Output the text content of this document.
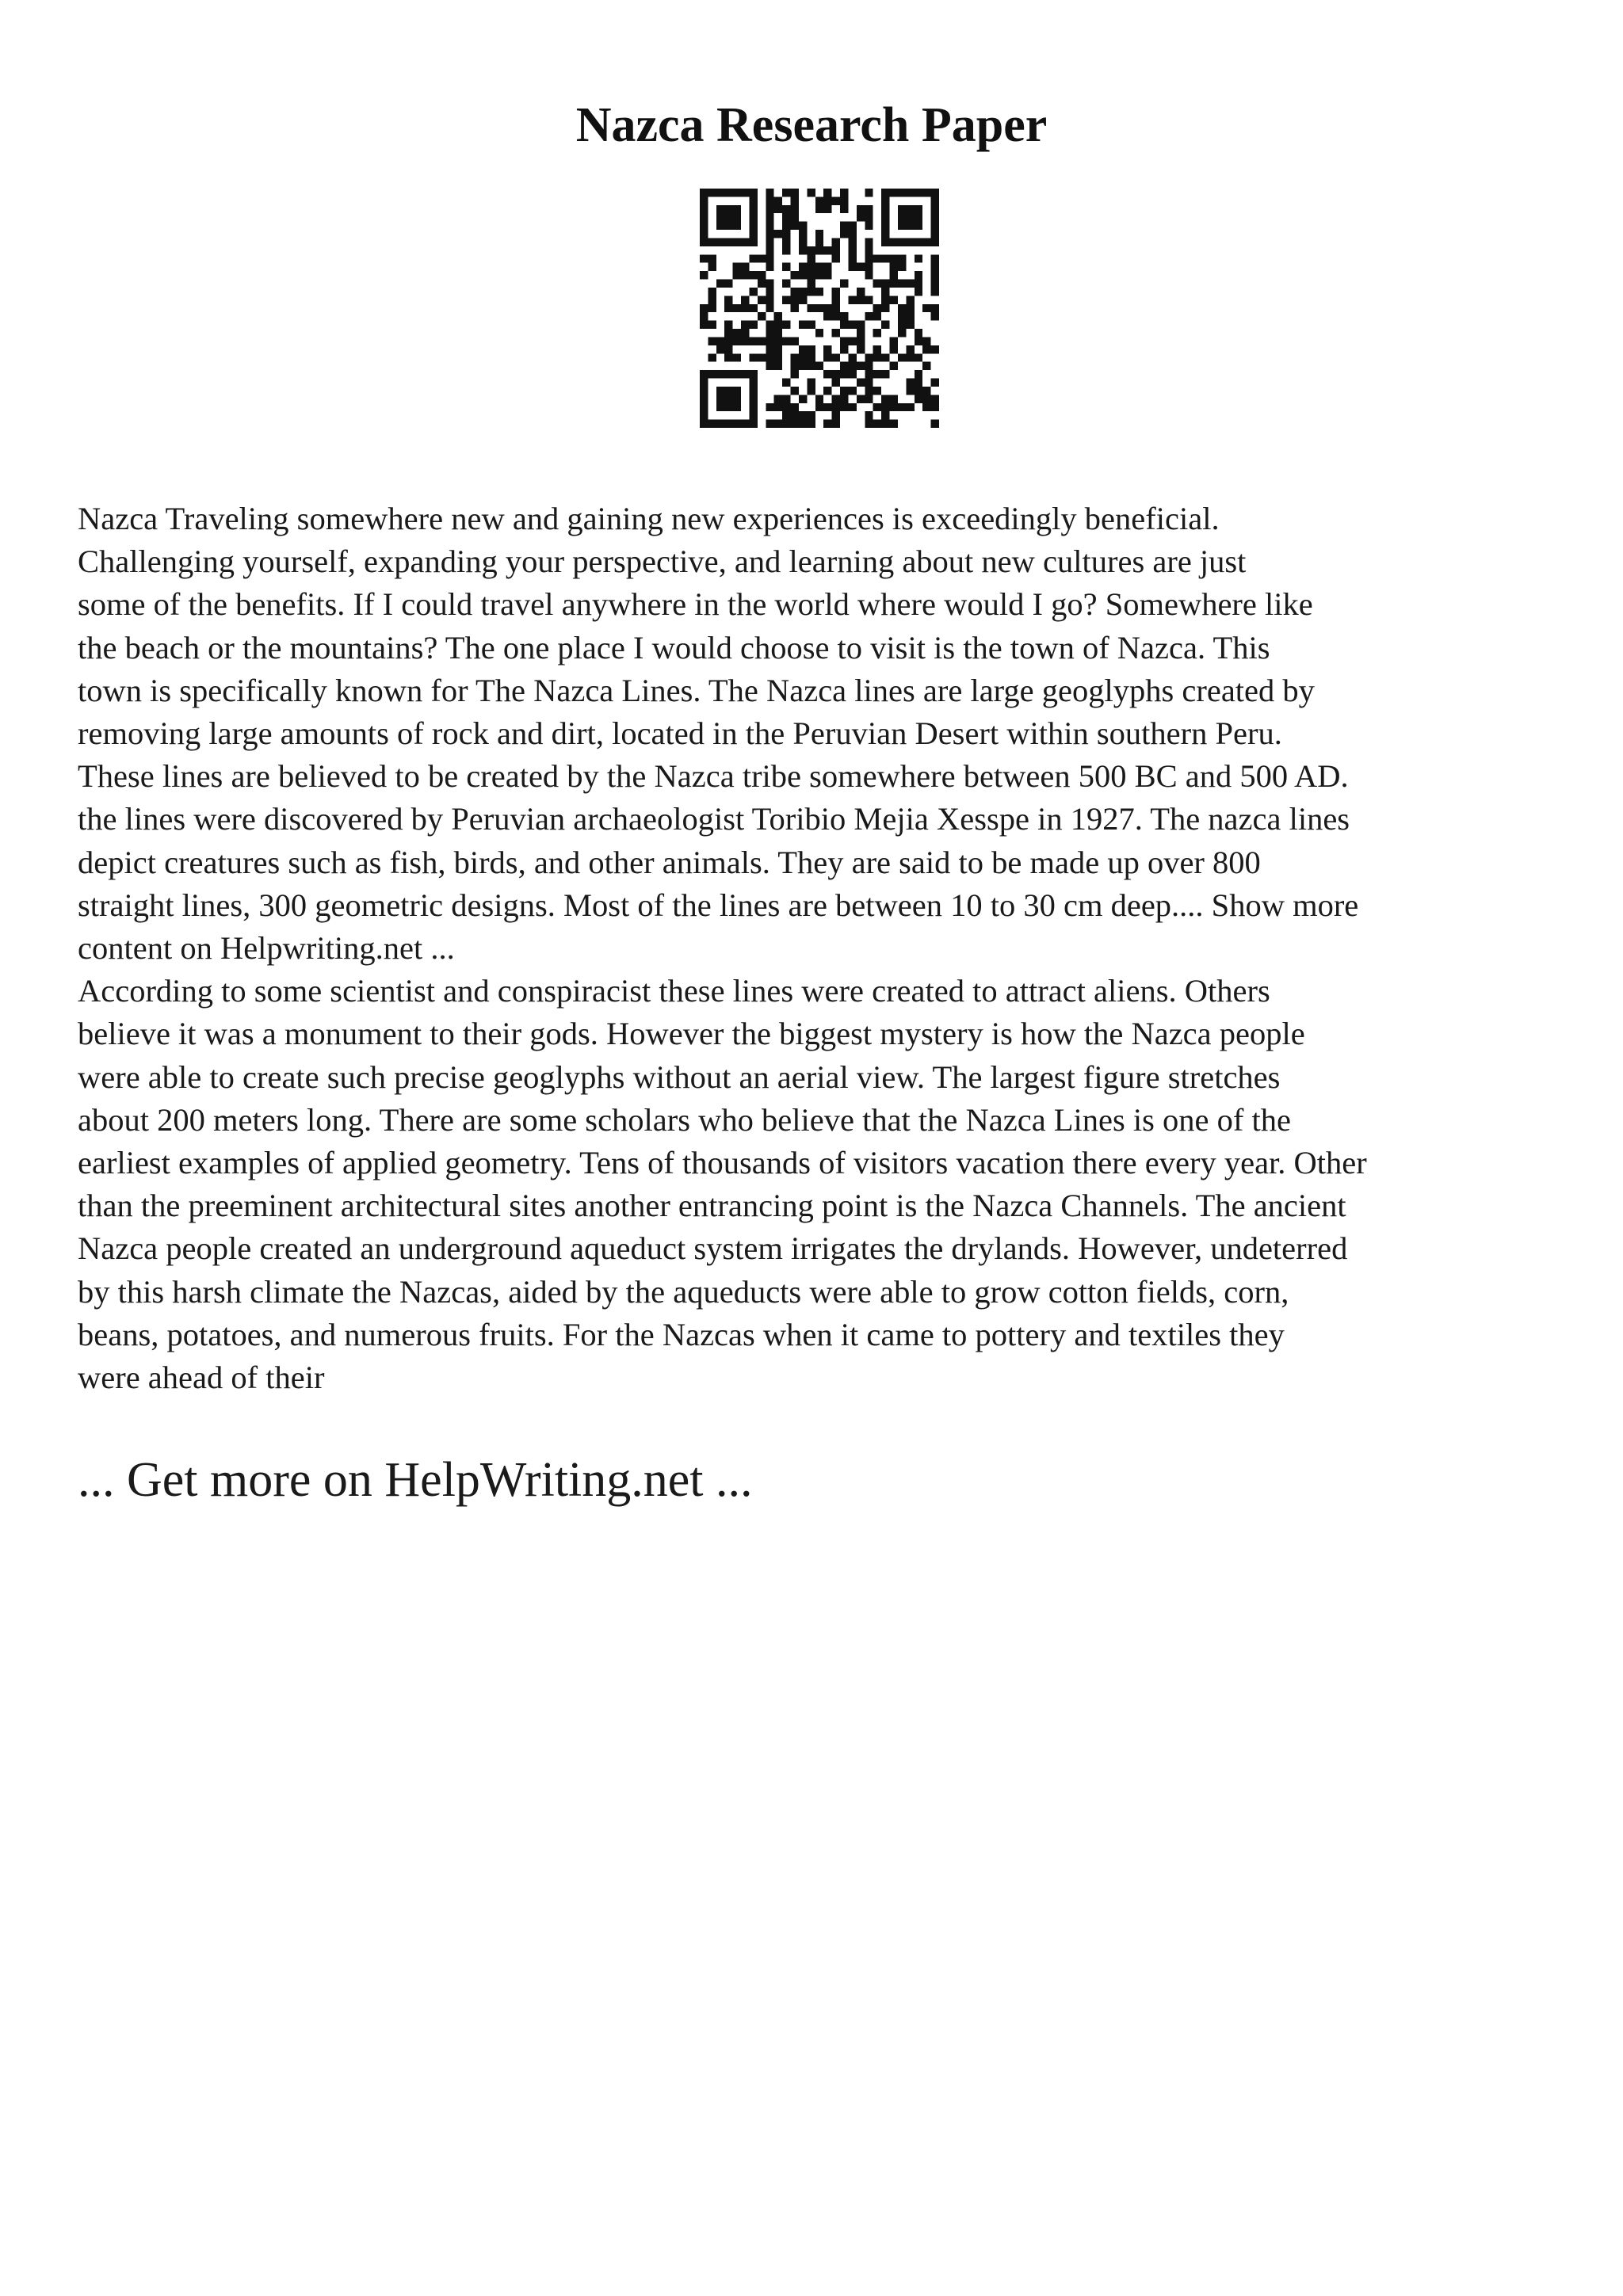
Nazca Research Paper
Nazca Traveling somewhere new and gaining new experiences is exceedingly beneficial.
Challenging yourself, expanding your perspective, and learning about new cultures are just
some of the benefits. If I could travel anywhere in the world where would I go? Somewhere like
the beach or the mountains? The one place I would choose to visit is the town of Nazca. This
town is specifically known for The Nazca Lines. The Nazca lines are large geoglyphs created by
removing large amounts of rock and dirt, located in the Peruvian Desert within southern Peru.
These lines are believed to be created by the Nazca tribe somewhere between 500 BC and 500 AD.
the lines were discovered by Peruvian archaeologist Toribio Mejia Xesspe in 1927. The nazca lines
depict creatures such as fish, birds, and other animals. They are said to be made up over 800
straight lines, 300 geometric designs. Most of the lines are between 10 to 30 cm deep.... Show more
content on Helpwriting.net ...
According to some scientist and conspiracist these lines were created to attract aliens. Others
believe it was a monument to their gods. However the biggest mystery is how the Nazca people
were able to create such precise geoglyphs without an aerial view. The largest figure stretches
about 200 meters long. There are some scholars who believe that the Nazca Lines is one of the
earliest examples of applied geometry. Tens of thousands of visitors vacation there every year. Other
than the preeminent architectural sites another entrancing point is the Nazca Channels. The ancient
Nazca people created an underground aqueduct system irrigates the drylands. However, undeterred
by this harsh climate the Nazcas, aided by the aqueducts were able to grow cotton fields, corn,
beans, potatoes, and numerous fruits. For the Nazcas when it came to pottery and textiles they
were ahead of their
... Get more on HelpWriting.net ...
